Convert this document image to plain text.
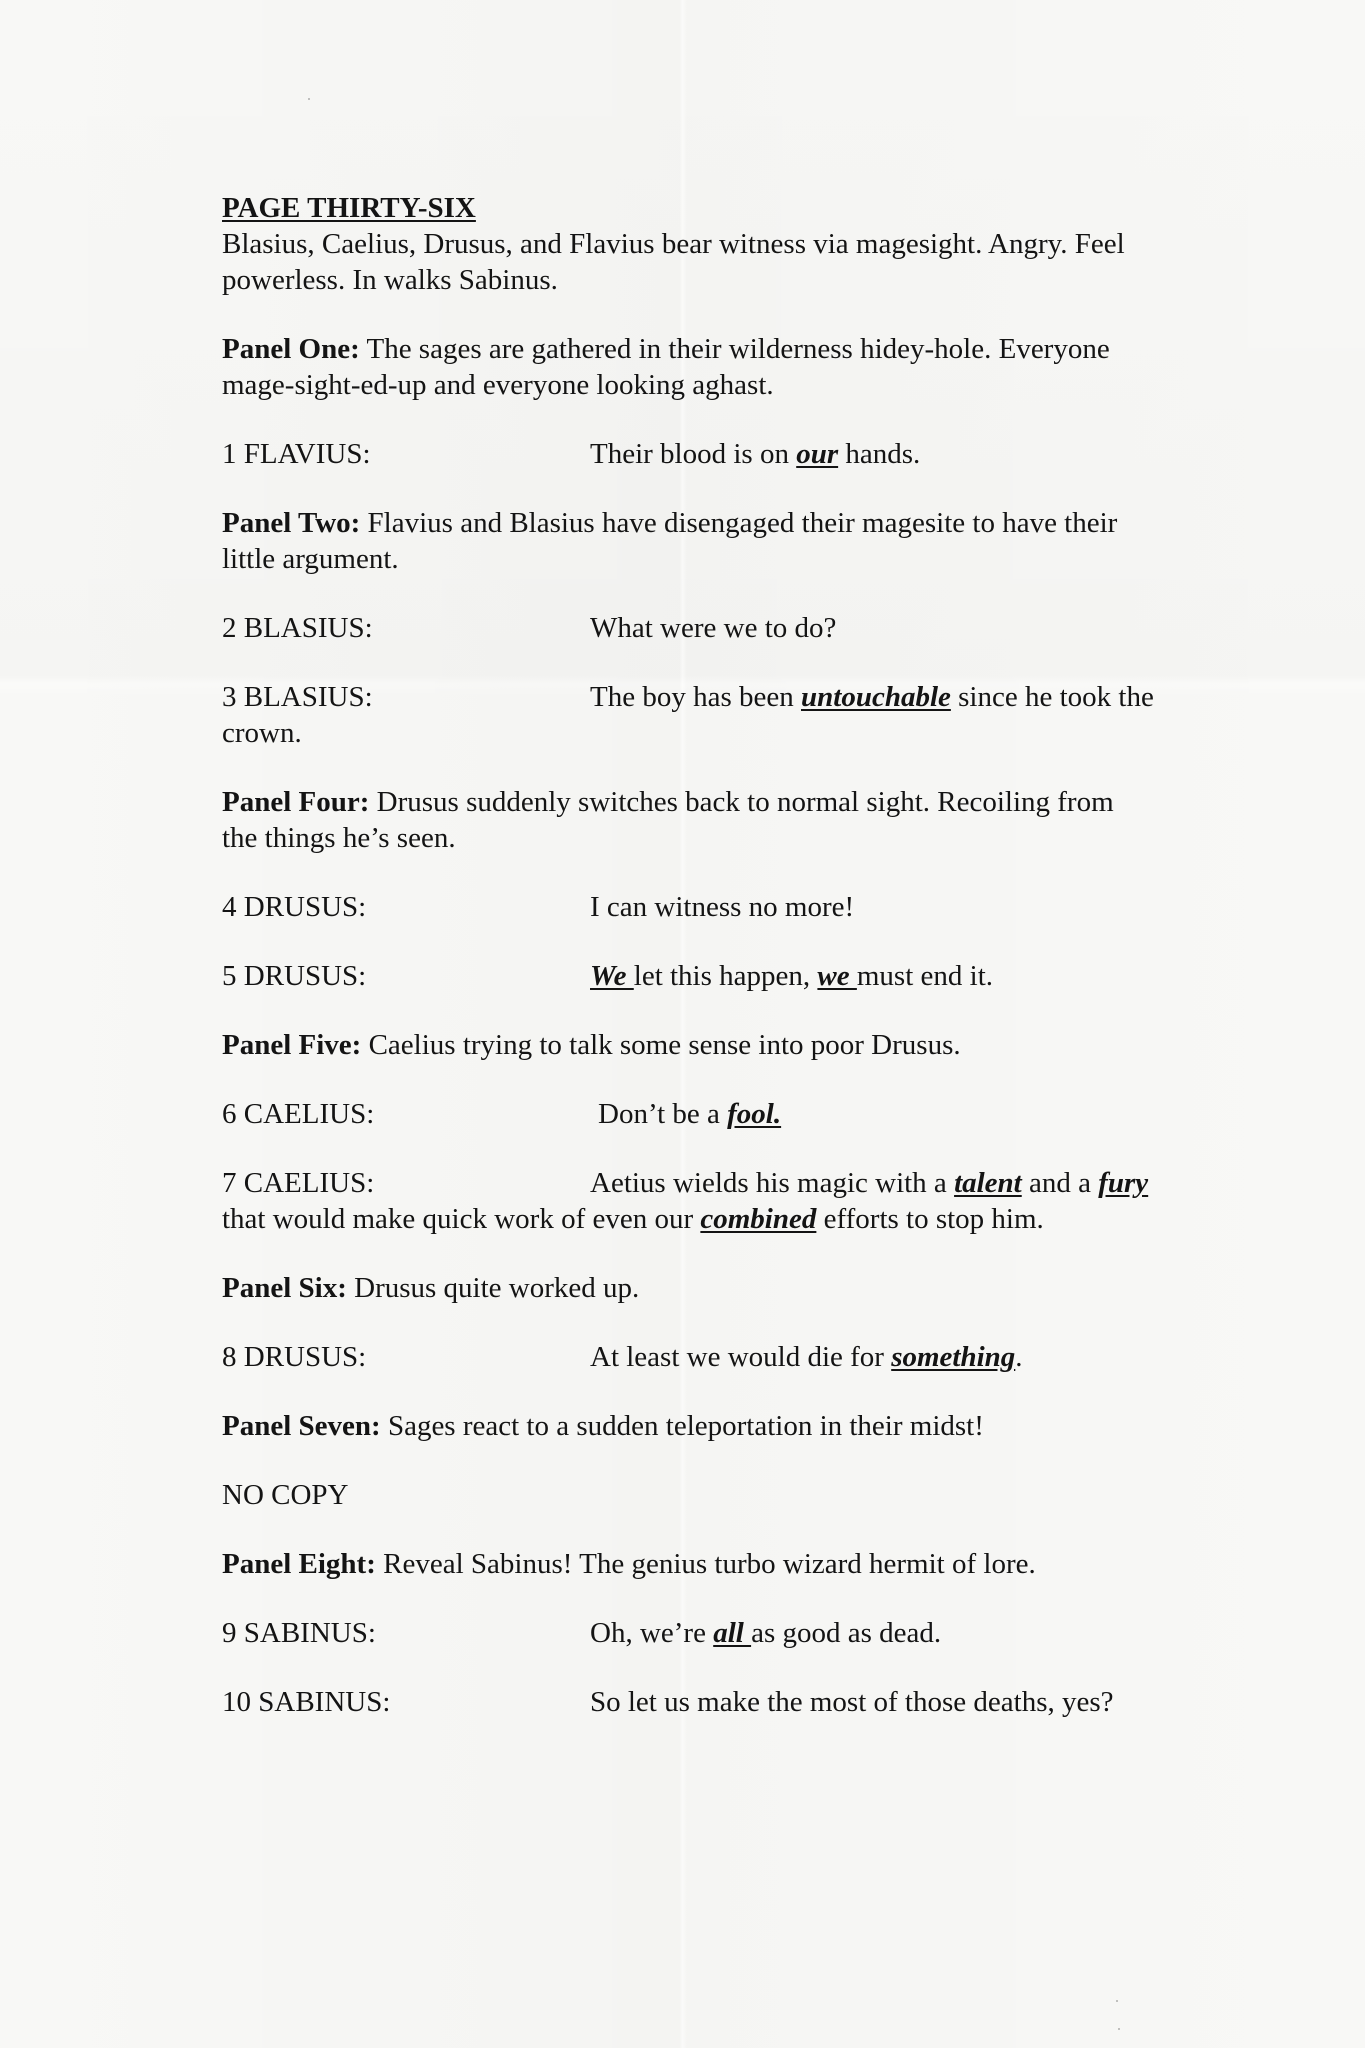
PAGE THIRTY-SIX

Blasius, Caelius, Drusus, and Flavius bear witness via magesight. Angry. Feel powerless. In walks Sabinus.

Panel One: The sages are gathered in their wilderness hidey-hole. Everyone

mage-sight-ed-up and everyone looking aghast.

1 FLAVIUS:	Their blood is on our hands.

Panel Two: Flavius and Blasius have disengaged their magesite to have their

little argument.

2 BLASIUS:	What were we to do?
3 BLASIUS:	The boy has been untouchable since he took the

crown.

Panel Four: Drusus suddenly switches back to normal sight. Recoiling from

the things he’s seen.

4 DRUSUS:	I can witness no more!
5 DRUSUS:	We let this happen, we must end it.

Panel Five: Caelius trying to talk some sense into poor Drusus.

6 CAELIUS:	Don’t be a fool.
7 CAELIUS:	Aetius wields his magic with a talent and a fury

that would make quick work of even our combined efforts to stop him.

Panel Six: Drusus quite worked up.

8 DRUSUS:	At least we would die for something.

Panel Seven: Sages react to a sudden teleportation in their midst!

NO COPY

Panel Eight: Reveal Sabinus! The genius turbo wizard hermit of lore.

9 SABINUS:	Oh, we’re all as good as dead.
10 SABINUS:	So let us make the most of those deaths, yes?
